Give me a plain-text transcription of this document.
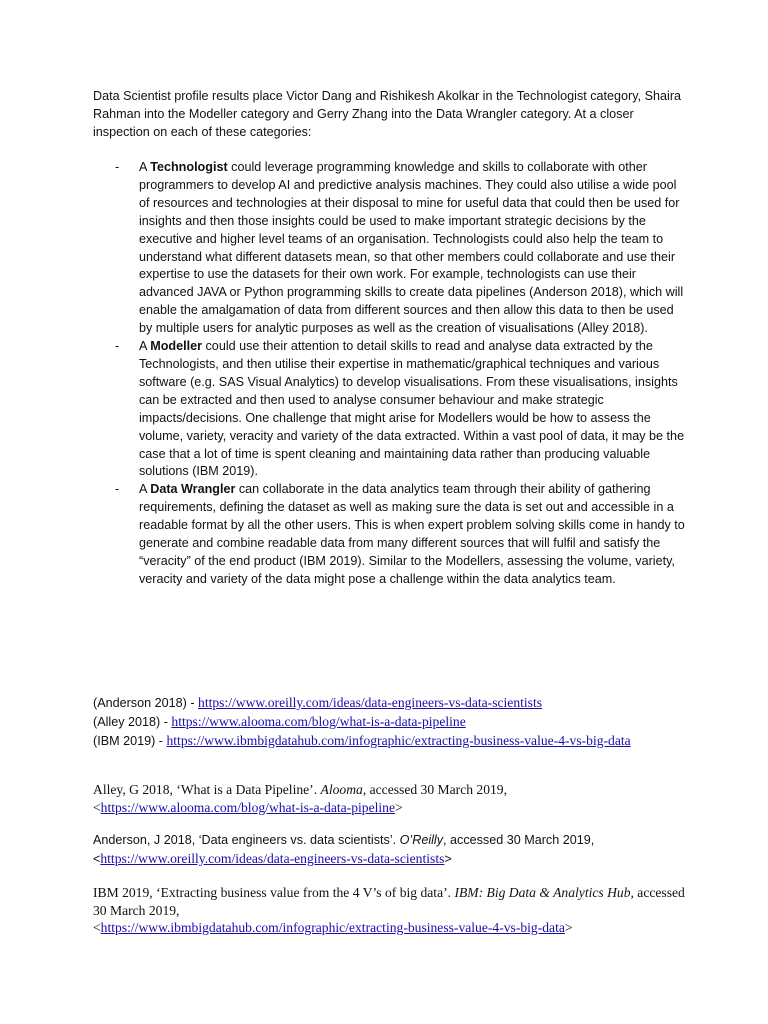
Data Scientist profile results place Victor Dang and Rishikesh Akolkar in the Technologist category, Shaira Rahman into the Modeller category and Gerry Zhang into the Data Wrangler category. At a closer inspection on each of these categories:

- A Technologist could leverage programming knowledge and skills to collaborate with other programmers to develop AI and predictive analysis machines. They could also utilise a wide pool of resources and technologies at their disposal to mine for useful data that could then be used for insights and then those insights could be used to make important strategic decisions by the executive and higher level teams of an organisation. Technologists could also help the team to understand what different datasets mean, so that other members could collaborate and use their expertise to use the datasets for their own work. For example, technologists can use their advanced JAVA or Python programming skills to create data pipelines (Anderson 2018), which will enable the amalgamation of data from different sources and then allow this data to then be used by multiple users for analytic purposes as well as the creation of visualisations (Alley 2018).
- A Modeller could use their attention to detail skills to read and analyse data extracted by the Technologists, and then utilise their expertise in mathematic/graphical techniques and various software (e.g. SAS Visual Analytics) to develop visualisations. From these visualisations, insights can be extracted and then used to analyse consumer behaviour and make strategic impacts/decisions. One challenge that might arise for Modellers would be how to assess the volume, variety, veracity and variety of the data extracted. Within a vast pool of data, it may be the case that a lot of time is spent cleaning and maintaining data rather than producing valuable solutions (IBM 2019).
- A Data Wrangler can collaborate in the data analytics team through their ability of gathering requirements, defining the dataset as well as making sure the data is set out and accessible in a readable format by all the other users. This is when expert problem solving skills come in handy to generate and combine readable data from many different sources that will fulfil and satisfy the “veracity” of the end product (IBM 2019). Similar to the Modellers, assessing the volume, variety, veracity and variety of the data might pose a challenge within the data analytics team.
(Anderson 2018) - https://www.oreilly.com/ideas/data-engineers-vs-data-scientists
(Alley 2018) - https://www.alooma.com/blog/what-is-a-data-pipeline
(IBM 2019) - https://www.ibmbigdatahub.com/infographic/extracting-business-value-4-vs-big-data
Alley, G 2018, ‘What is a Data Pipeline’. Alooma, accessed 30 March 2019,
<https://www.alooma.com/blog/what-is-a-data-pipeline>
Anderson, J 2018, ‘Data engineers vs. data scientists’. O’Reilly, accessed 30 March 2019,
<https://www.oreilly.com/ideas/data-engineers-vs-data-scientists>
IBM 2019, ‘Extracting business value from the 4 V’s of big data’. IBM: Big Data & Analytics Hub, accessed 30 March 2019,
<https://www.ibmbigdatahub.com/infographic/extracting-business-value-4-vs-big-data>
